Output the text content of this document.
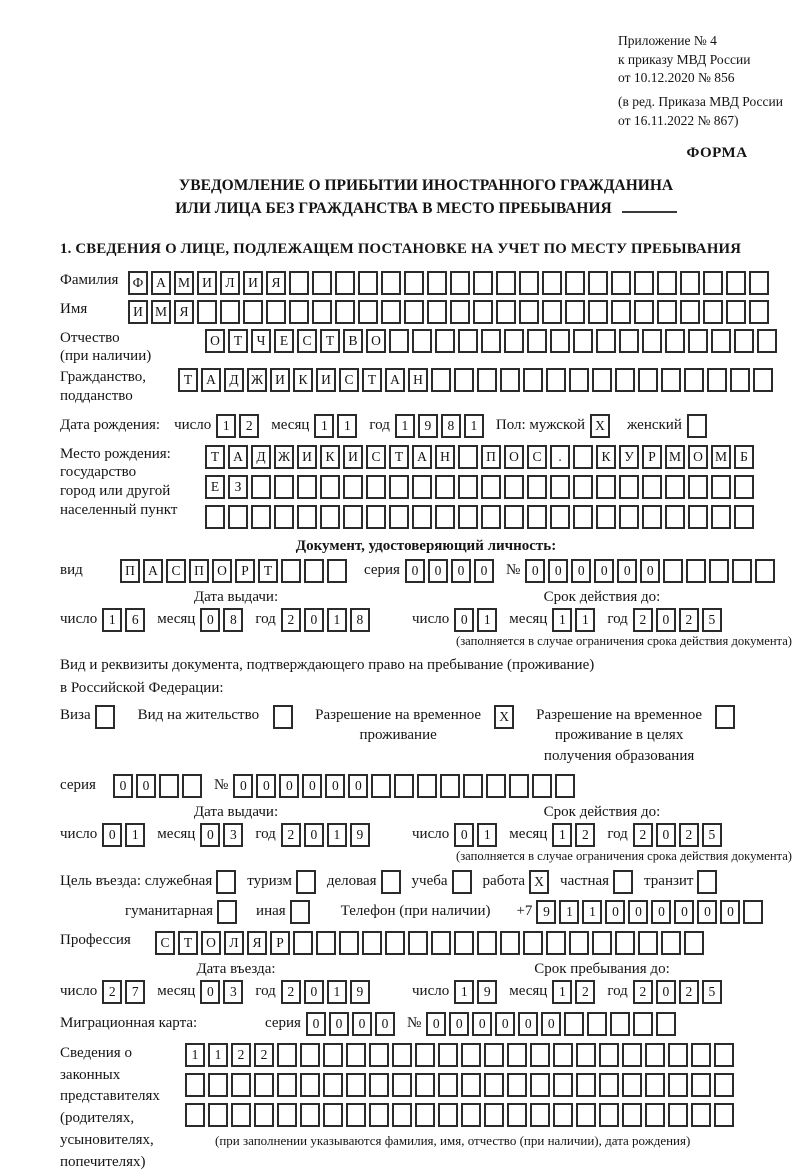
Приложение № 4
к приказу МВД России
от 10.12.2020 № 856
(в ред. Приказа МВД России
от 16.11.2022 № 867)
ФОРМА
УВЕДОМЛЕНИЕ О ПРИБЫТИИ ИНОСТРАННОГО ГРАЖДАНИНА
ИЛИ ЛИЦА БЕЗ ГРАЖДАНСТВА В МЕСТО ПРЕБЫВАНИЯ
1. СВЕДЕНИЯ О ЛИЦЕ, ПОДЛЕЖАЩЕМ ПОСТАНОВКЕ НА УЧЕТ ПО МЕСТУ ПРЕБЫВАНИЯ
Фамилия	Ф А М И	Л	И	Я
Имя	И М Я
Отчество
(при наличии)
О	Т	Ч	Е	С	Т	В	О
Гражданство,
подданство
Т	А	Д Ж И	К	И	С	Т	А Н
Дата рождения: число 1	2	месяц 1	1	год 1	9	8	1	Пол: мужской X	женский
Место рождения:
государство
город или другой
населенный пункт
Т	А	Д Ж И	К	И	С	Т	А Н	П О	С	.	К	У	Р М О М Б
Е	З
Документ, удостоверяющий личность:
вид	П А	С	П О	Р	Т	серия 0	0	0	0	№ 0	0	0	0	0	0
Дата выдачи:
число 1	6	месяц 0	8	год 2	0	1	8
Срок действия до:
число 0	1	месяц 1	1	год 2	0	2	5
(заполняется в случае ограничения срока действия документа)
Вид и реквизиты документа, подтверждающего право на пребывание (проживание)
в Российской Федерации:
Виза	Вид на жительство	Разрешение на временное
проживание
X	Разрешение на временное
проживание в целях
получения образования
серия	0	0	№ 0	0	0	0	0	0
Дата выдачи:
число 0	1	месяц 0	3	год 2	0	1	9
Срок действия до:
число 0	1	месяц 1	2	год 2	0	2	5
(заполняется в случае ограничения срока действия документа)
Цель въезда: служебная туризм деловая учеба работа X	частная транзит
гуманитарная	иная	Телефон (при наличии) +7 9	1	1	0	0	0	0	0	0
Профессия	С	Т	О	Л	Я	Р
Дата въезда:
число 2	7	месяц 0	3	год 2	0	1	9
Срок пребывания до:
число 1	9	месяц 1	2	год 2	0	2	5
Миграционная карта:	серия 0	0	0	0	№ 0	0	0	0	0	0
Сведения о законных представителях (родителях, усыновителях, попечителях)
1	1	2	2
(при заполнении указываются фамилия, имя, отчество (при наличии), дата рождения)
